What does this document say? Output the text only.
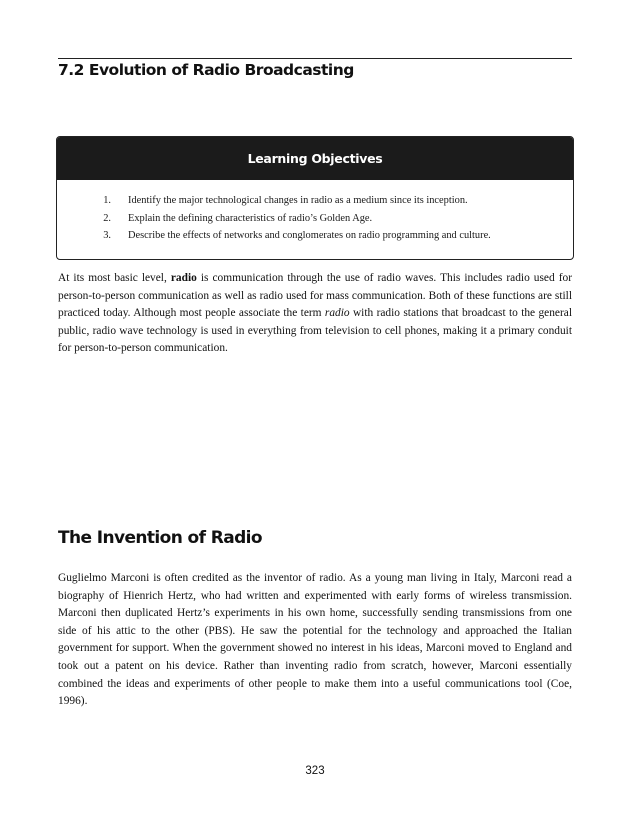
7.2 Evolution of Radio Broadcasting
Learning Objectives
1. Identify the major technological changes in radio as a medium since its inception.
2. Explain the defining characteristics of radio’s Golden Age.
3. Describe the effects of networks and conglomerates on radio programming and culture.

At its most basic level, radio is communication through the use of radio waves. This includes radio used for person-to-person communication as well as radio used for mass communication. Both of these functions are still practiced today. Although most people associate the term radio with radio stations that broadcast to the general public, radio wave technology is used in everything from television to cell phones, making it a primary conduit for person-to-person communication.

The Invention of Radio

Guglielmo Marconi is often credited as the inventor of radio. As a young man living in Italy, Marconi read a biography of Hienrich Hertz, who had written and experimented with early forms of wireless transmission. Marconi then duplicated Hertz’s experiments in his own home, successfully sending transmissions from one side of his attic to the other (PBS). He saw the potential for the technology and approached the Italian government for support. When the government showed no interest in his ideas, Marconi moved to England and took out a patent on his device. Rather than inventing radio from scratch, however, Marconi essentially combined the ideas and experiments of other people to make them into a useful communications tool (Coe, 1996).

323
